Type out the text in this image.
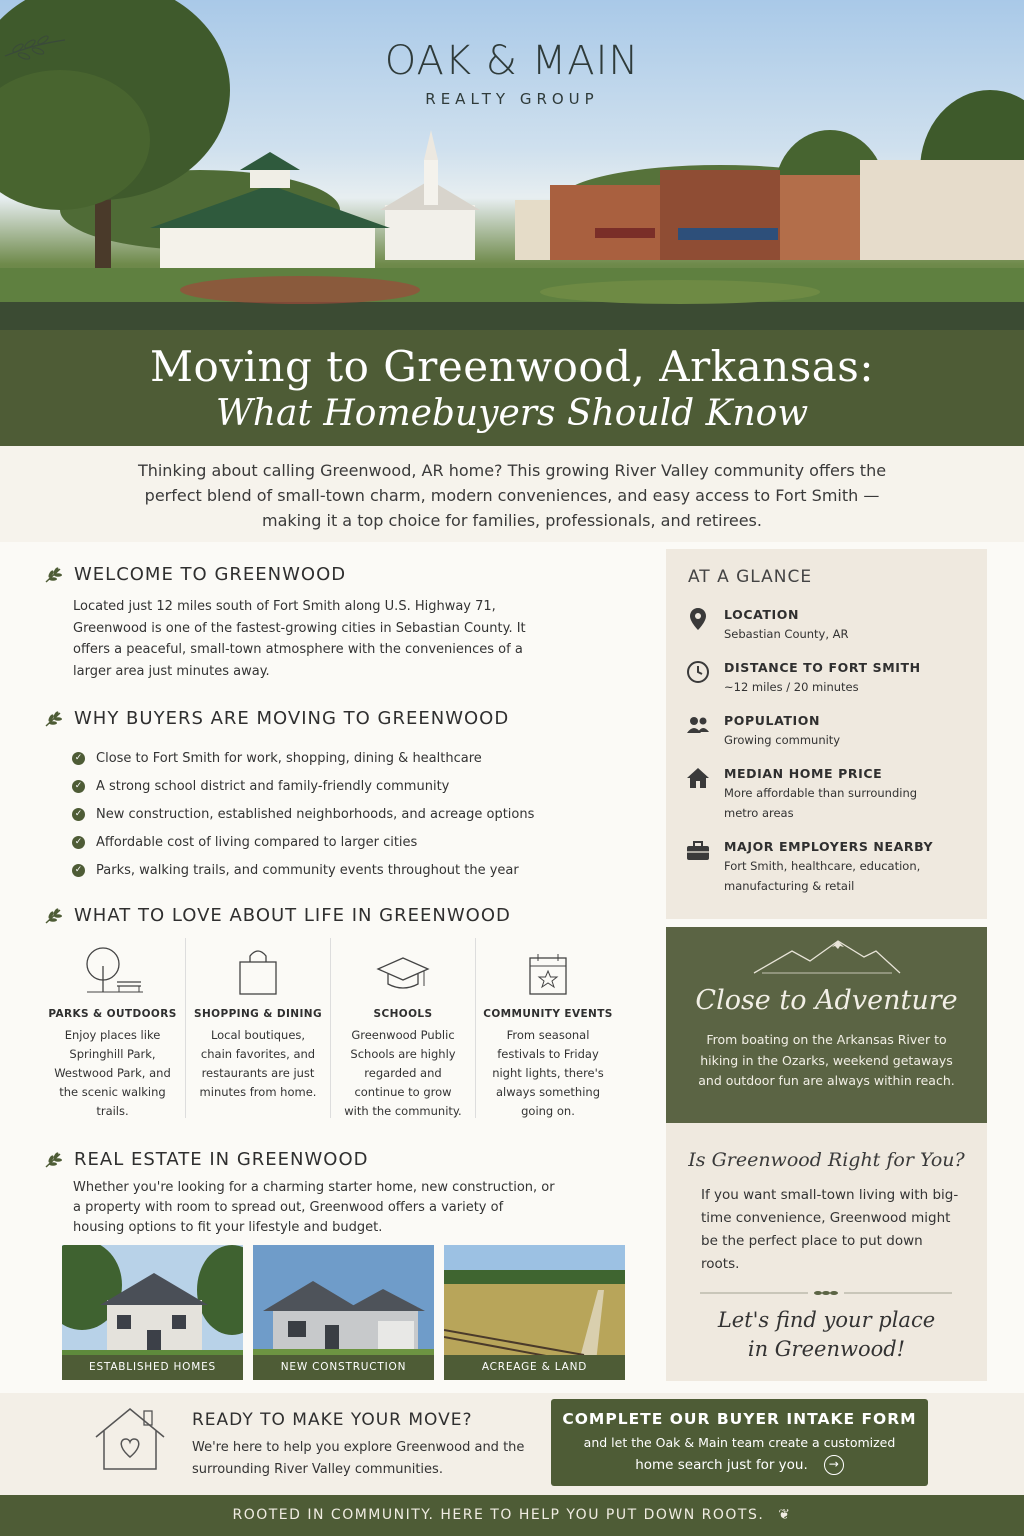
OAK & MAIN
REALTY GROUP
Moving to Greenwood, Arkansas:
What Homebuyers Should Know
Thinking about calling Greenwood, AR home? This growing River Valley community offers the perfect blend of small-town charm, modern conveniences, and easy access to Fort Smith — making it a top choice for families, professionals, and retirees.
WELCOME TO GREENWOOD
Located just 12 miles south of Fort Smith along U.S. Highway 71, Greenwood is one of the fastest-growing cities in Sebastian County. It offers a peaceful, small-town atmosphere with the conveniences of a larger area just minutes away.
WHY BUYERS ARE MOVING TO GREENWOOD
✓ Close to Fort Smith for work, shopping, dining & healthcare
✓ A strong school district and family-friendly community
✓ New construction, established neighborhoods, and acreage options
✓ Affordable cost of living compared to larger cities
✓ Parks, walking trails, and community events throughout the year
WHAT TO LOVE ABOUT LIFE IN GREENWOOD
PARKS & OUTDOORS
Enjoy places like Springhill Park, Westwood Park, and the scenic walking trails.
SHOPPING & DINING
Local boutiques, chain favorites, and restaurants are just minutes from home.
SCHOOLS
Greenwood Public Schools are highly regarded and continue to grow with the community.
COMMUNITY EVENTS
From seasonal festivals to Friday night lights, there's always something going on.
REAL ESTATE IN GREENWOOD
Whether you're looking for a charming starter home, new construction, or a property with room to spread out, Greenwood offers a variety of housing options to fit your lifestyle and budget.
ESTABLISHED HOMES	NEW CONSTRUCTION	ACREAGE & LAND
AT A GLANCE
LOCATION
Sebastian County, AR
DISTANCE TO FORT SMITH
~12 miles / 20 minutes
POPULATION
Growing community
MEDIAN HOME PRICE
More affordable than surrounding metro areas
MAJOR EMPLOYERS NEARBY
Fort Smith, healthcare, education, manufacturing & retail
Close to Adventure
From boating on the Arkansas River to hiking in the Ozarks, weekend getaways and outdoor fun are always within reach.
Is Greenwood Right for You?
If you want small-town living with big-time convenience, Greenwood might be the perfect place to put down roots.
Let's find your place
in Greenwood!
READY TO MAKE YOUR MOVE?
We're here to help you explore Greenwood and the surrounding River Valley communities.
COMPLETE OUR BUYER INTAKE FORM
and let the Oak & Main team create a customized
home search just for you. →
ROOTED IN COMMUNITY. HERE TO HELP YOU PUT DOWN ROOTS. ❦
